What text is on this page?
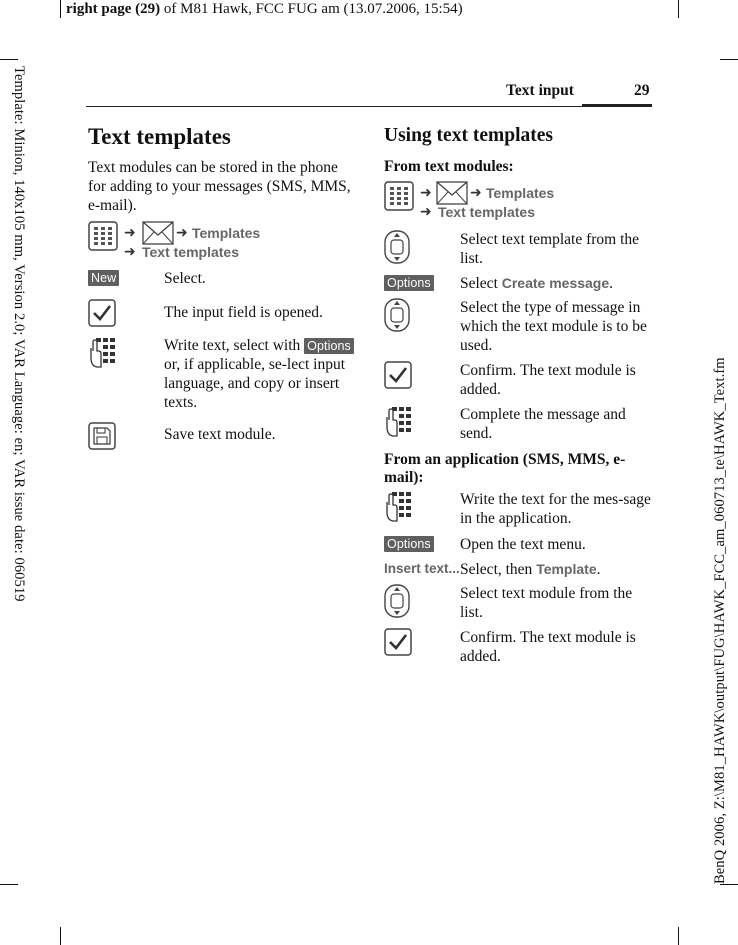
right page (29) of M81 Hawk, FCC FUG am (13.07.2006, 15:54)
Template: Minion, 140x105 mm, Version 2.0; VAR Language: en; VAR issue date: 060519
BenQ 2006, Z:\M81_HAWK\output\FUG\HAWK_FCC_am_060713_te\HAWK_Text.fm
Text input	29
Text templates
Text modules can be stored in the phone for adding to your messages (SMS, MMS, e-mail).
➜	➜ Templates
➜ Text templates
New	Select.
The input field is opened.
Write text, select with Options or, if applicable, se-lect input language, and copy or insert texts.
Save text module.
Using text templates
From text modules:
➜	➜ Templates
➜ Text templates
Select text template from the list.
Options	Select Create message.
Select the type of message in which the text module is to be used.
Confirm. The text module is added.
Complete the message and send.
From an application (SMS, MMS, e-mail):
Write the text for the mes-sage in the application.
Options	Open the text menu.
Insert text... Select, then Template.
Select text module from the list.
Confirm. The text module is added.
